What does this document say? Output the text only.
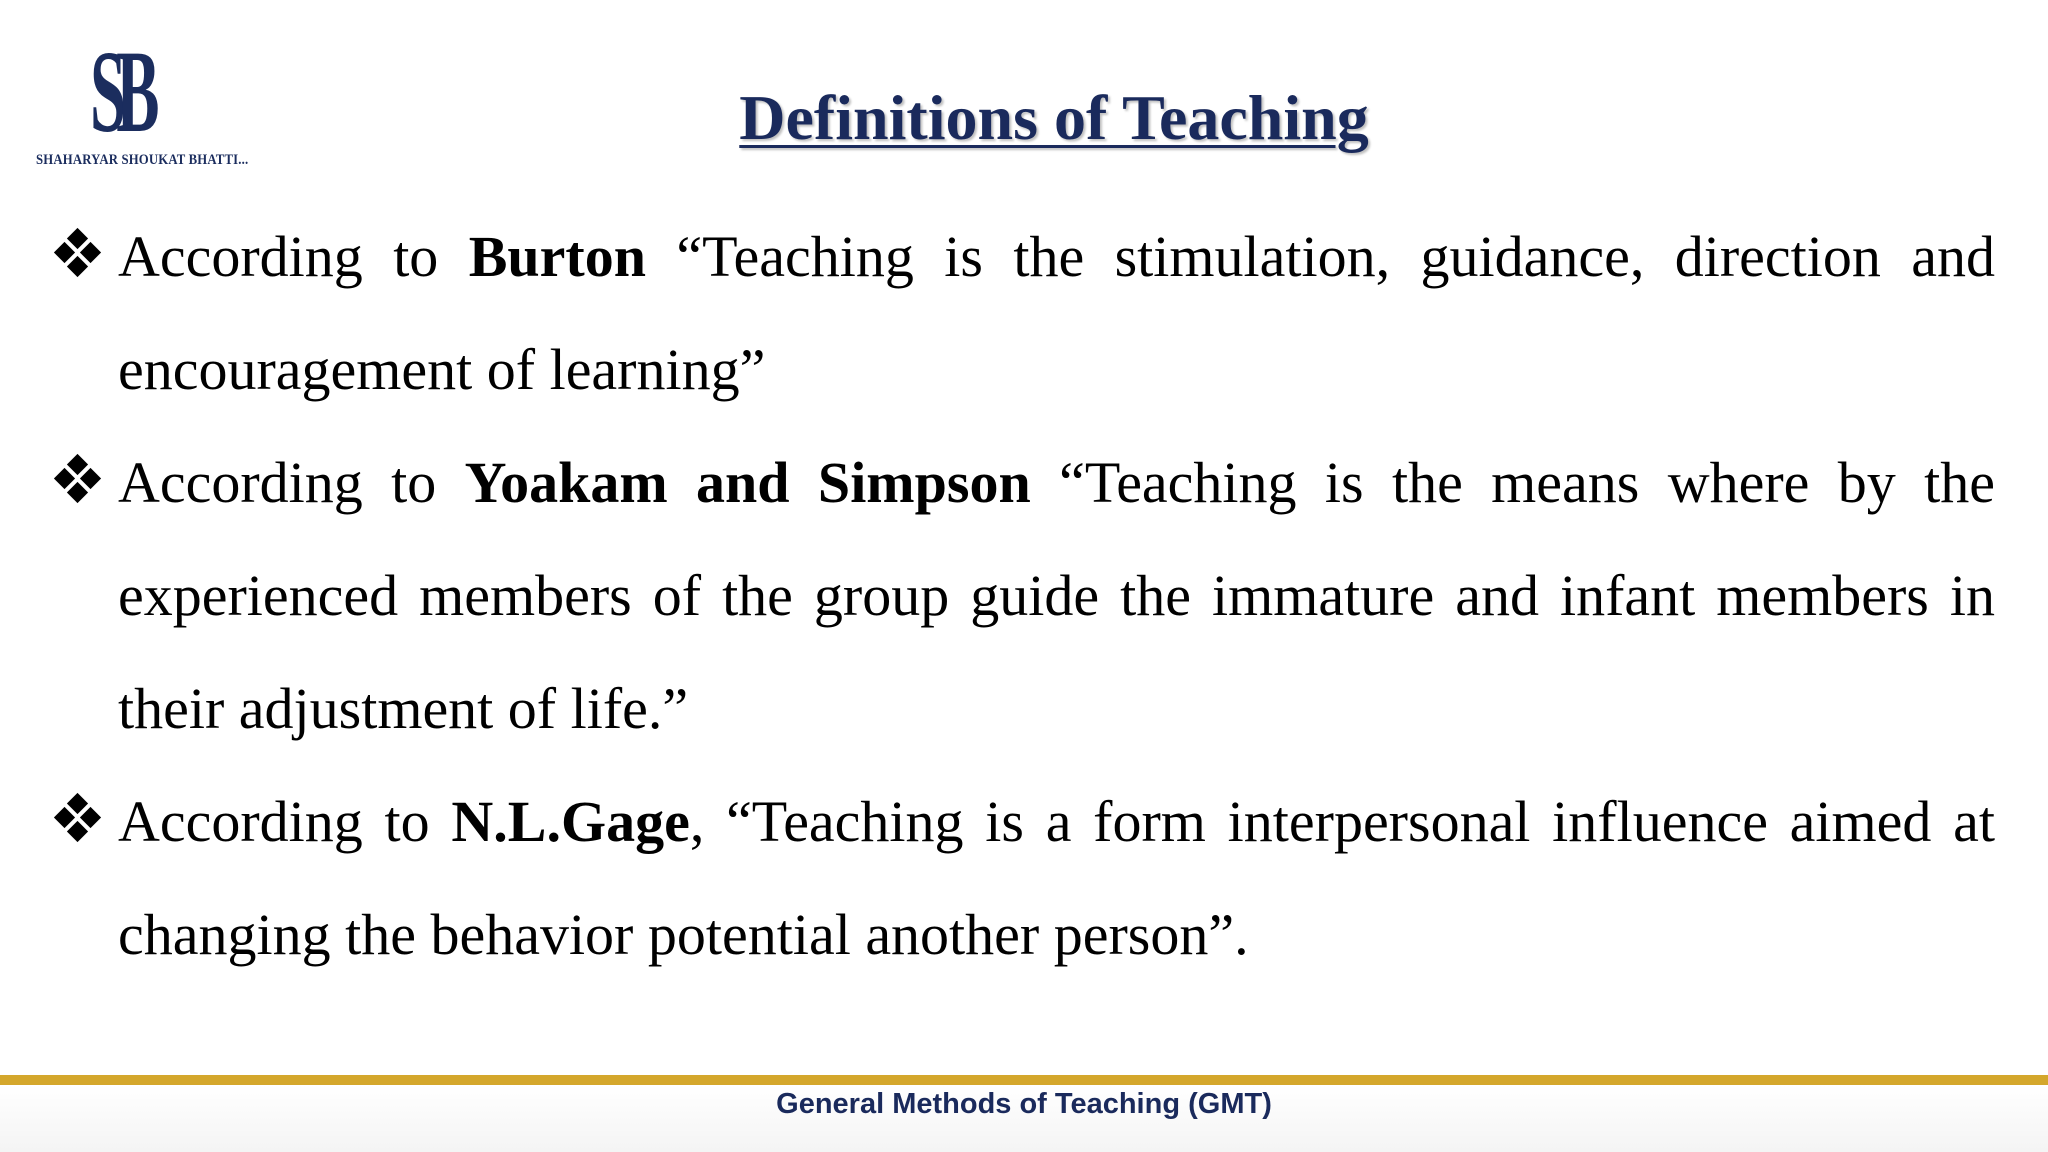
SB
SHAHARYAR SHOUKAT BHATTI...
Definitions of Teaching
According to Burton “Teaching is the stimulation, guidance, direction and encouragement of learning”
According to Yoakam and Simpson “Teaching is the means where by the experienced members of the group guide the immature and infant members in their adjustment of life.”
According to N.L.Gage, “Teaching is a form interpersonal influence aimed at changing the behavior potential another person”.
General Methods of Teaching (GMT)
